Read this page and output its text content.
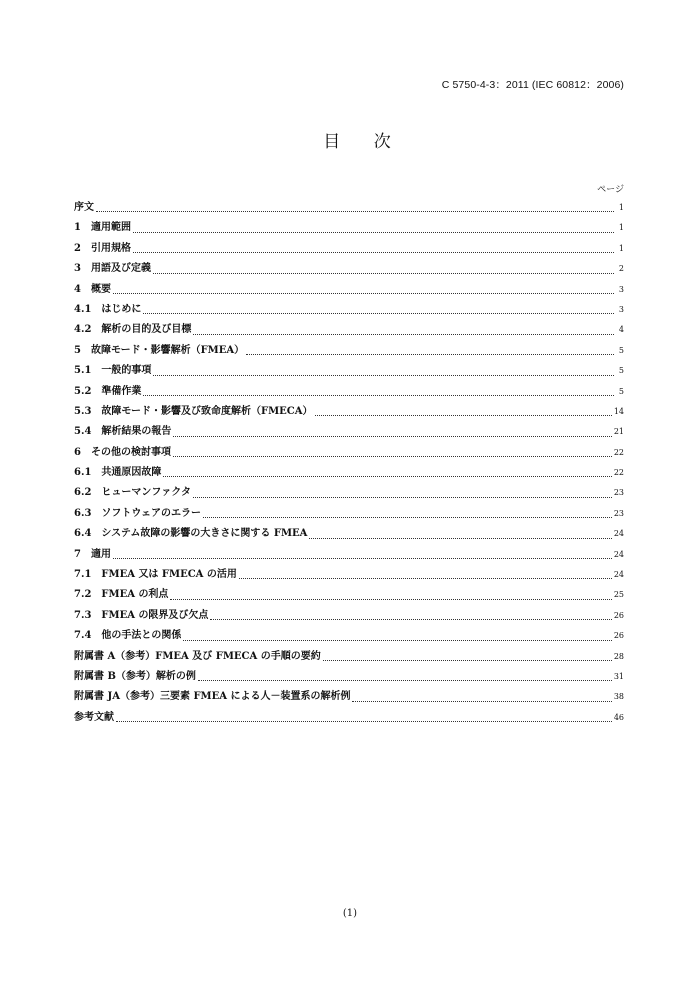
C 5750-4-3：2011 (IEC 60812：2006)
目 次
ページ
序文	1
1 適用範囲	1
2 引用規格	1
3 用語及び定義	2
4 概要	3
4.1 はじめに	3
4.2 解析の目的及び目標	4
5 故障モード・影響解析（FMEA）	5
5.1 一般的事項	5
5.2 準備作業	5
5.3 故障モード・影響及び致命度解析（FMECA）	14
5.4 解析結果の報告	21
6 その他の検討事項	22
6.1 共通原因故障	22
6.2 ヒューマンファクタ	23
6.3 ソフトウェアのエラー	23
6.4 システム故障の影響の大きさに関する FMEA	24
7 適用	24
7.1 FMEA 又は FMECA の活用	24
7.2 FMEA の利点	25
7.3 FMEA の限界及び欠点	26
7.4 他の手法との関係	26
附属書 A（参考）FMEA 及び FMECA の手順の要約	28
附属書 B（参考）解析の例	31
附属書 JA（参考）三要素 FMEA による人－装置系の解析例	38
参考文献	46
(1)
